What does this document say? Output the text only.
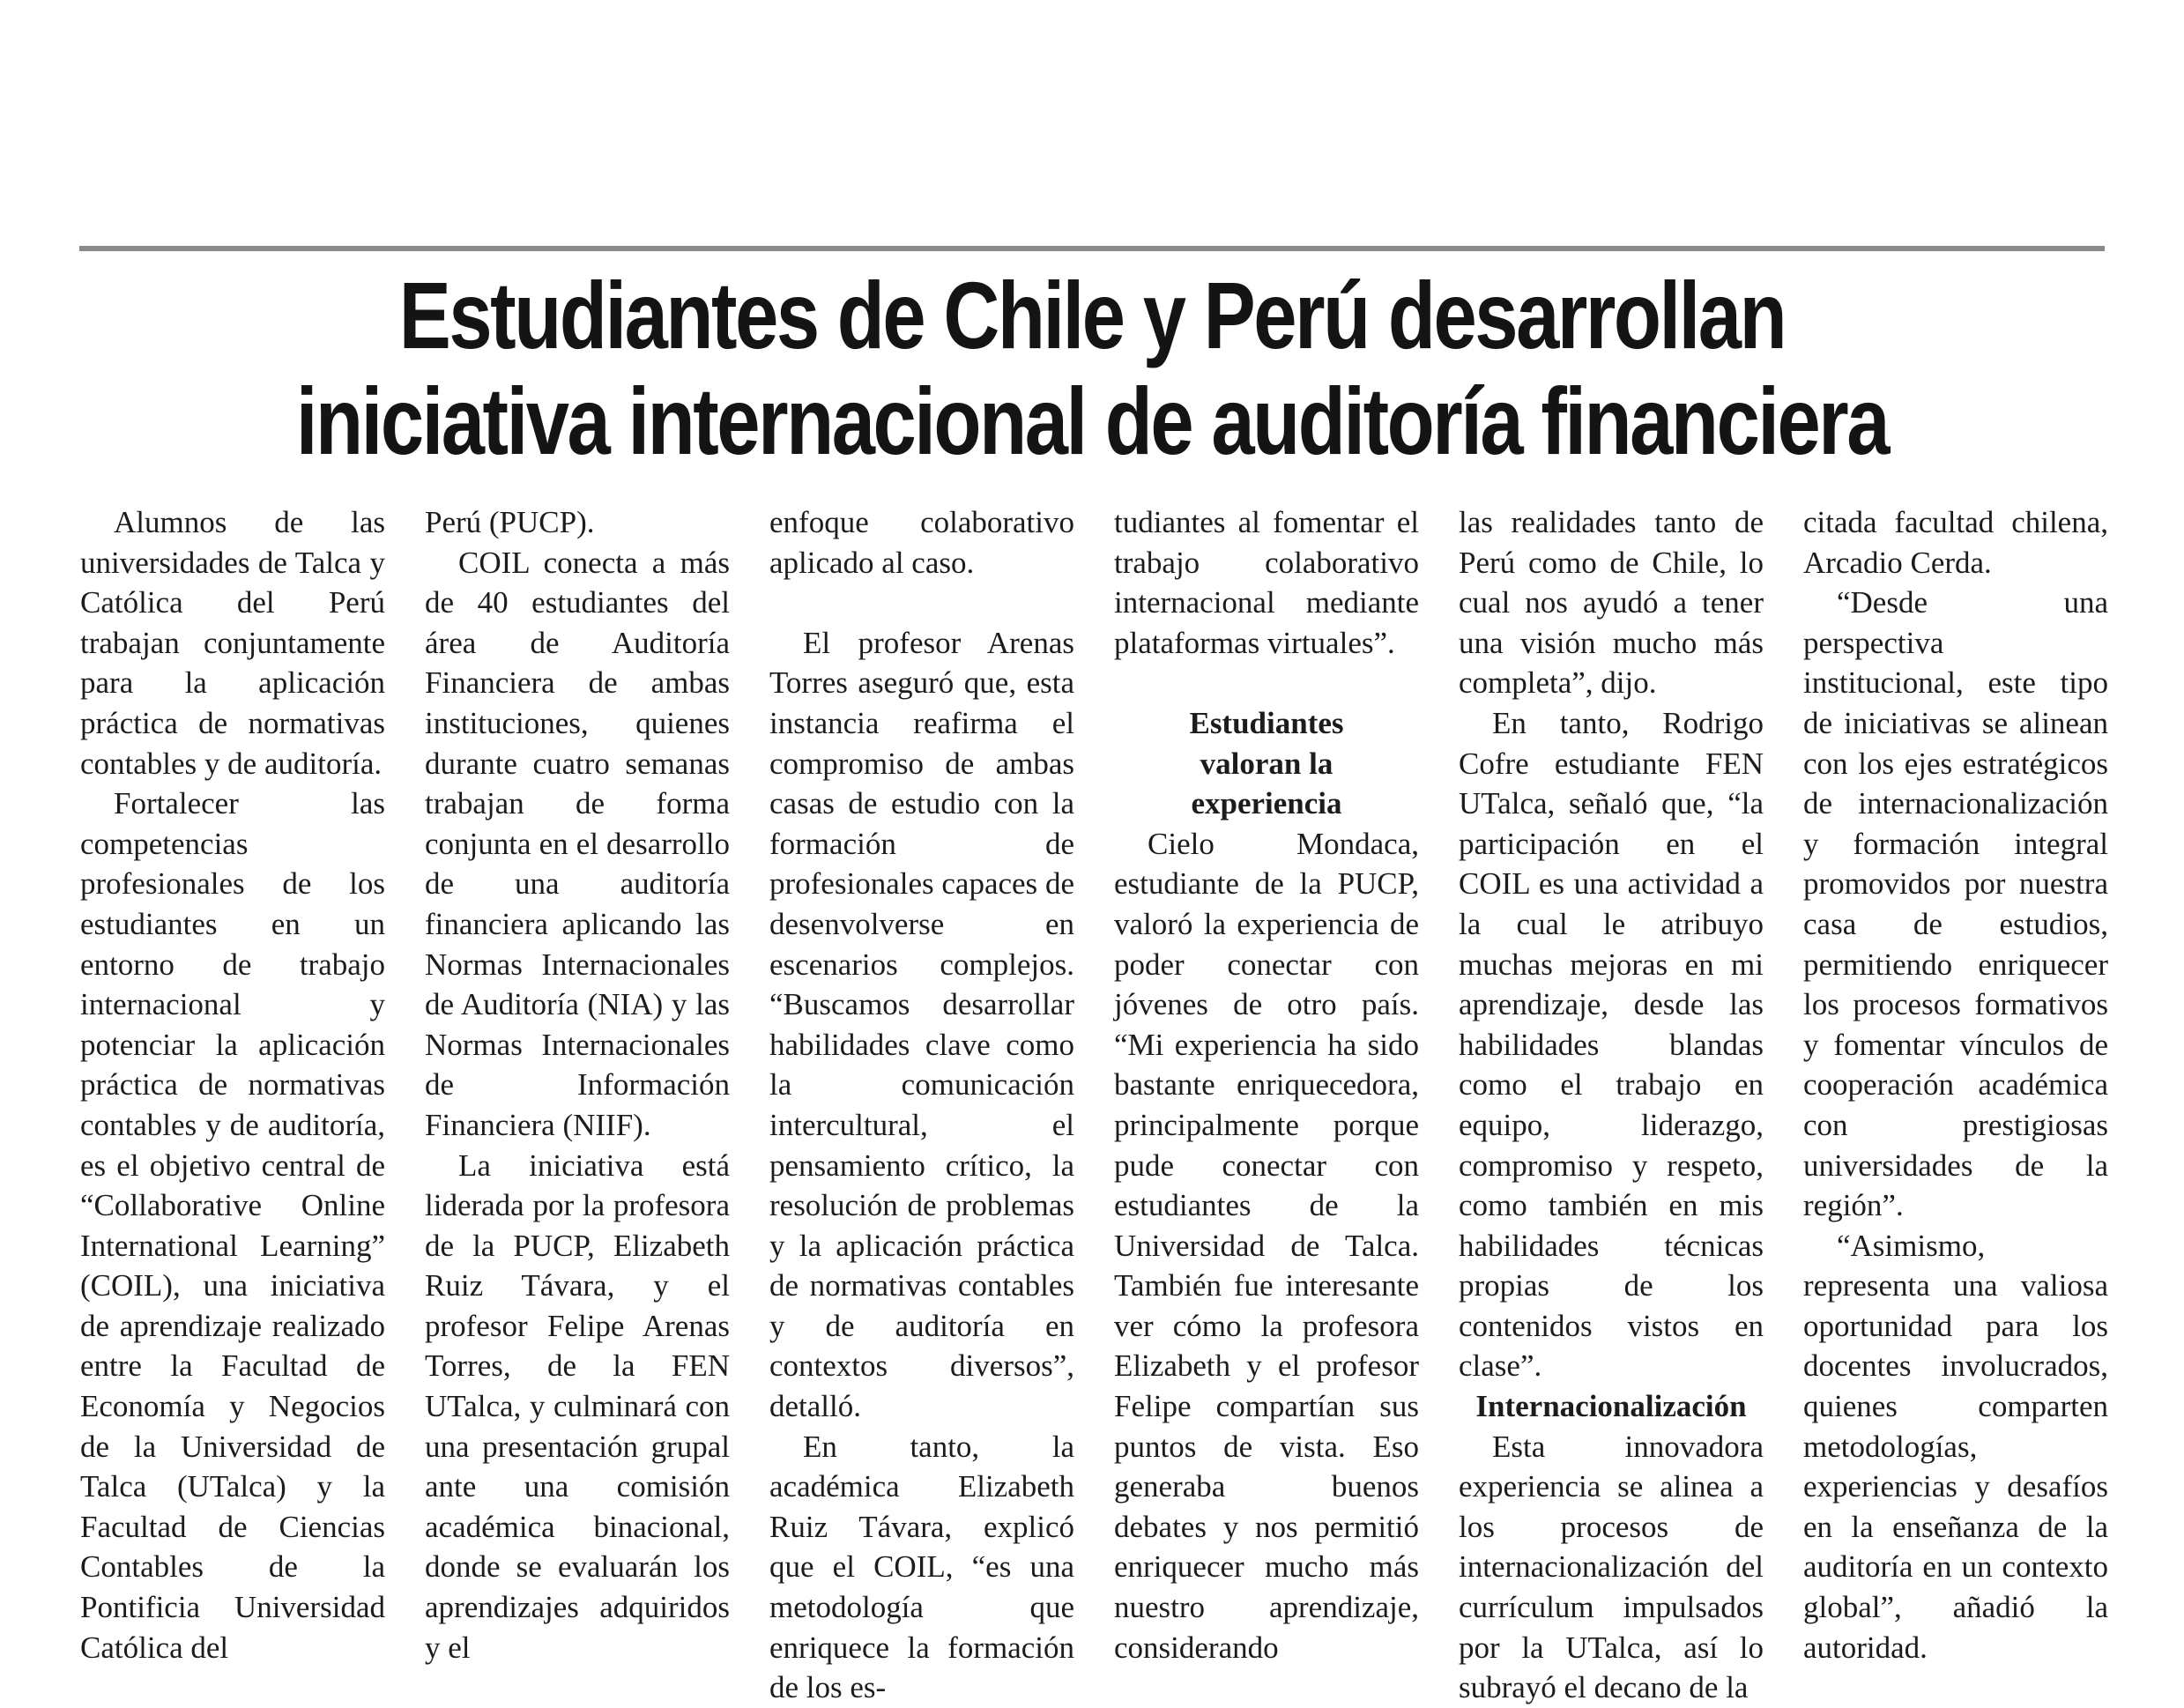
Estudiantes de Chile y Perú desarrollan
iniciativa internacional de auditoría financiera

Alumnos de las universidades de Talca y Católica del Perú trabajan conjuntamente para la aplicación práctica de normativas contables y de auditoría.

Fortalecer las competencias profesionales de los estudiantes en un entorno de trabajo internacional y potenciar la aplicación práctica de normativas contables y de auditoría, es el objetivo central de “Collaborative Online International Learning” (COIL), una iniciativa de aprendizaje realizado entre la Facultad de Economía y Negocios de la Universidad de Talca (UTalca) y la Facultad de Ciencias Contables de la Pontificia Universidad Católica del

Perú (PUCP).

COIL conecta a más de 40 estudiantes del área de Auditoría Financiera de ambas instituciones, quienes durante cuatro semanas trabajan de forma conjunta en el desarrollo de una auditoría financiera aplicando las Normas Internacionales de Auditoría (NIA) y las Normas Internacionales de Información Financiera (NIIF).

La iniciativa está liderada por la profesora de la PUCP, Elizabeth Ruiz Távara, y el profesor Felipe Arenas Torres, de la FEN UTalca, y culminará con una presentación grupal ante una comisión académica binacional, donde se evaluarán los aprendizajes adquiridos y el

enfoque colaborativo aplicado al caso.

El profesor Arenas Torres aseguró que, esta instancia reafirma el compromiso de ambas casas de estudio con la formación de profesionales capaces de desenvolverse en escenarios complejos. “Buscamos desarrollar habilidades clave como la comunicación intercultural, el pensamiento crítico, la resolución de problemas y la aplicación práctica de normativas contables y de auditoría en contextos diversos”, detalló.

En tanto, la académica Elizabeth Ruiz Távara, explicó que el COIL, “es una metodología que enriquece la formación de los es-

tudiantes al fomentar el trabajo colaborativo internacional mediante plataformas virtuales”.

Estudiantes valoran la experiencia

Cielo Mondaca, estudiante de la PUCP, valoró la experiencia de poder conectar con jóvenes de otro país. “Mi experiencia ha sido bastante enriquecedora, principalmente porque pude conectar con estudiantes de la Universidad de Talca. También fue interesante ver cómo la profesora Elizabeth y el profesor Felipe compartían sus puntos de vista. Eso generaba buenos debates y nos permitió enriquecer mucho más nuestro aprendizaje, considerando

las realidades tanto de Perú como de Chile, lo cual nos ayudó a tener una visión mucho más completa”, dijo.

En tanto, Rodrigo Cofre estudiante FEN UTalca, señaló que, “la participación en el COIL es una actividad a la cual le atribuyo muchas mejoras en mi aprendizaje, desde las habilidades blandas como el trabajo en equipo, liderazgo, compromiso y respeto, como también en mis habilidades técnicas propias de los contenidos vistos en clase”.

Internacionalización

Esta innovadora experiencia se alinea a los procesos de internacionalización del currículum impulsados por la UTalca, así lo subrayó el decano de la

citada facultad chilena, Arcadio Cerda.

“Desde una perspectiva institucional, este tipo de iniciativas se alinean con los ejes estratégicos de internacionalización y formación integral promovidos por nuestra casa de estudios, permitiendo enriquecer los procesos formativos y fomentar vínculos de cooperación académica con prestigiosas universidades de la región”.

“Asimismo, representa una valiosa oportunidad para los docentes involucrados, quienes comparten metodologías, experiencias y desafíos en la enseñanza de la auditoría en un contexto global”, añadió la autoridad.
